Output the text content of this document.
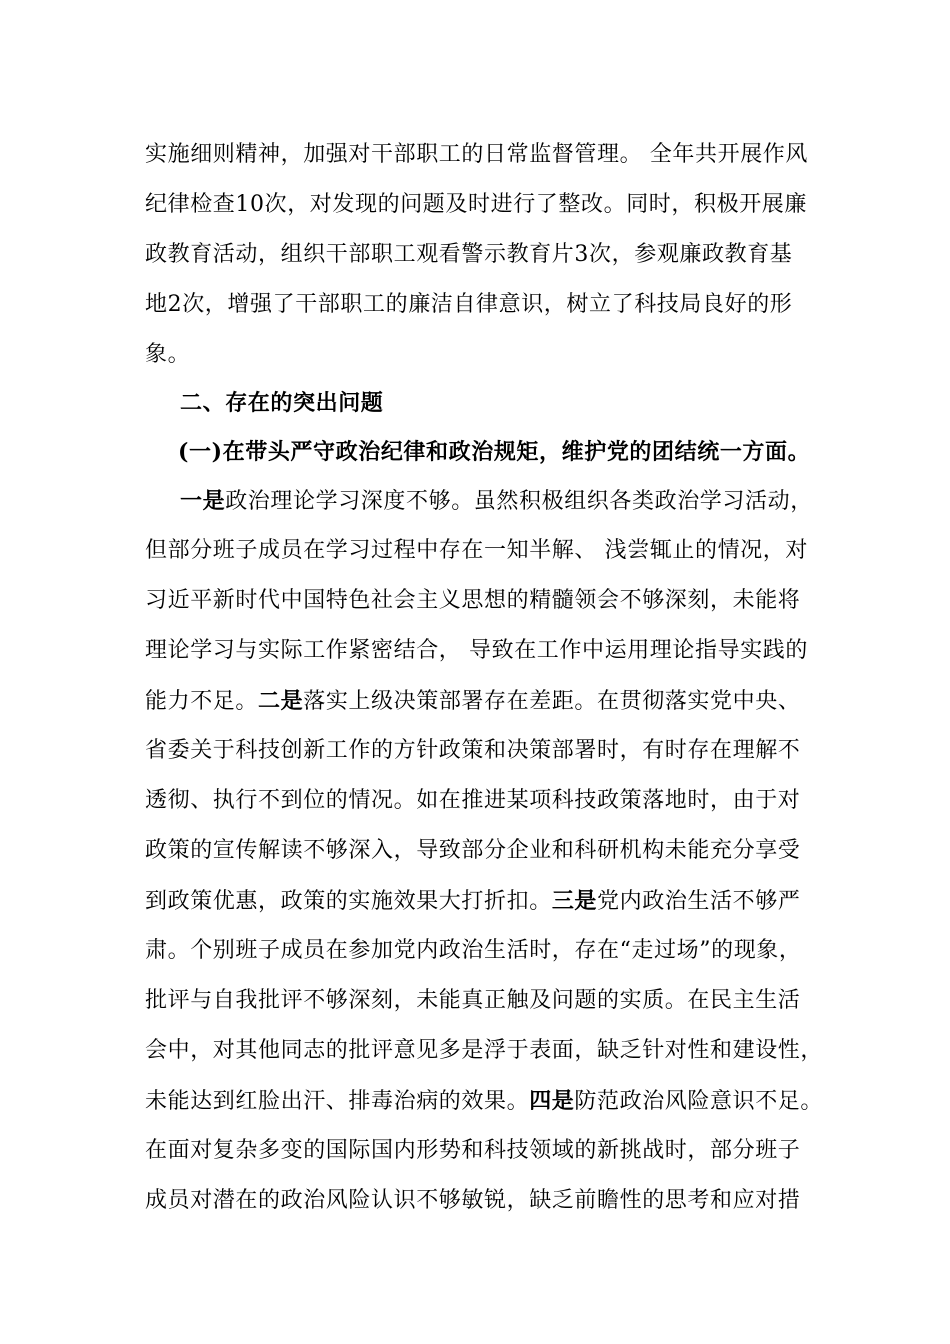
实施细则精神，加强对干部职工的日常监督管理。 全年共开展作风
纪律检查10次，对发现的问题及时进行了整改。同时，积极开展廉
政教育活动，组织干部职工观看警示教育片3次，参观廉政教育基
地2次，增强了干部职工的廉洁自律意识，树立了科技局良好的形
象。
二、存在的突出问题
(一)在带头严守政治纪律和政治规矩，维护党的团结统一方面。
一是政治理论学习深度不够。虽然积极组织各类政治学习活动，
但部分班子成员在学习过程中存在一知半解、 浅尝辄止的情况，对
习近平新时代中国特色社会主义思想的精髓领会不够深刻，未能将
理论学习与实际工作紧密结合， 导致在工作中运用理论指导实践的
能力不足。二是落实上级决策部署存在差距。在贯彻落实党中央、
省委关于科技创新工作的方针政策和决策部署时，有时存在理解不
透彻、执行不到位的情况。如在推进某项科技政策落地时，由于对
政策的宣传解读不够深入，导致部分企业和科研机构未能充分享受
到政策优惠，政策的实施效果大打折扣。三是党内政治生活不够严
肃。个别班子成员在参加党内政治生活时，存在“走过场”的现象，
批评与自我批评不够深刻，未能真正触及问题的实质。在民主生活
会中，对其他同志的批评意见多是浮于表面，缺乏针对性和建设性，
未能达到红脸出汗、排毒治病的效果。四是防范政治风险意识不足。
在面对复杂多变的国际国内形势和科技领域的新挑战时，部分班子
成员对潜在的政治风险认识不够敏锐，缺乏前瞻性的思考和应对措
